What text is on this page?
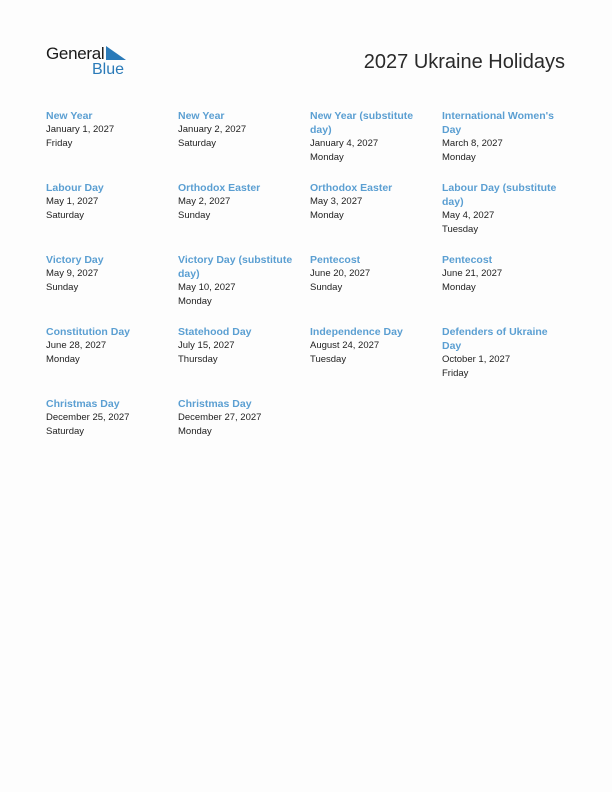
General
Blue	2027 Ukraine Holidays
New Year
January 1, 2027
Friday
New Year
January 2, 2027
Saturday
New Year (substitute day)
January 4, 2027
Monday
International Women's Day
March 8, 2027
Monday
Labour Day
May 1, 2027
Saturday
Orthodox Easter
May 2, 2027
Sunday
Orthodox Easter
May 3, 2027
Monday
Labour Day (substitute day)
May 4, 2027
Tuesday
Victory Day
May 9, 2027
Sunday
Victory Day (substitute day)
May 10, 2027
Monday
Pentecost
June 20, 2027
Sunday
Pentecost
June 21, 2027
Monday
Constitution Day
June 28, 2027
Monday
Statehood Day
July 15, 2027
Thursday
Independence Day
August 24, 2027
Tuesday
Defenders of Ukraine Day
October 1, 2027
Friday
Christmas Day
December 25, 2027
Saturday
Christmas Day
December 27, 2027
Monday
